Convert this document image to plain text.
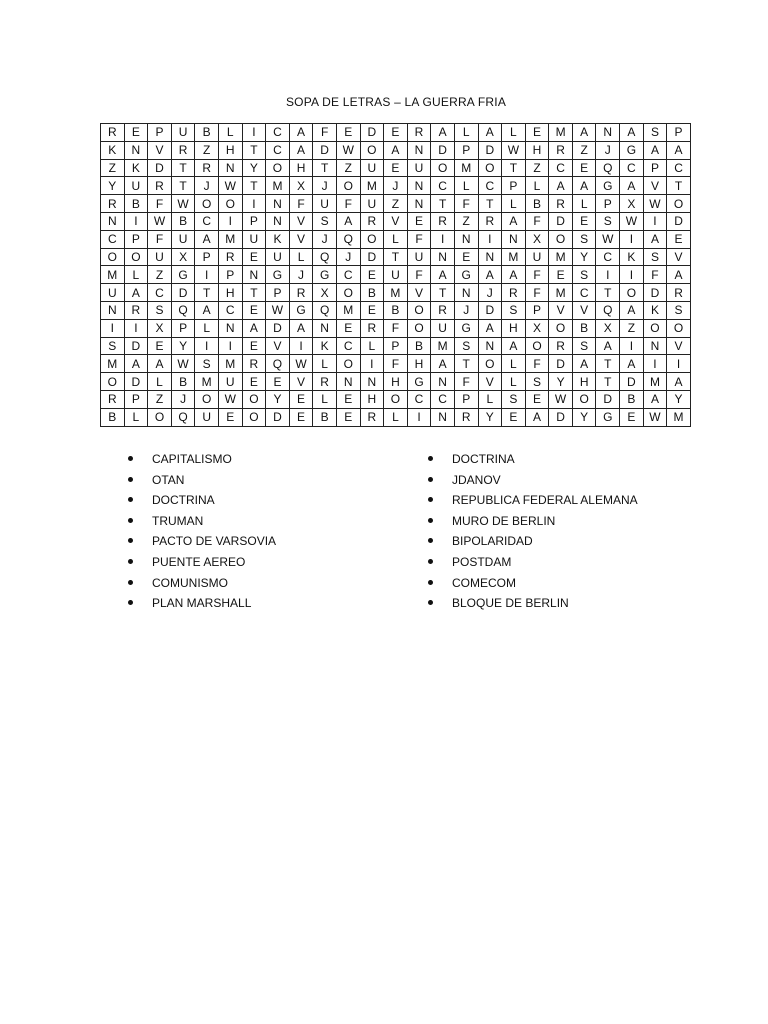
SOPA DE LETRAS – LA GUERRA FRIA
R	E	P	U	B	L	I	C	A	F	E	D	E	R	A	L	A	L	E	M	A	N	A	S	P
K	N	V	R	Z	H	T	C	A	D	W	O	A	N	D	P	D	W	H	R	Z	J	G	A	A
Z	K	D	T	R	N	Y	O	H	T	Z	U	E	U	O	M	O	T	Z	C	E	Q	C	P	C
Y	U	R	T	J	W	T	M	X	J	O	M	J	N	C	L	C	P	L	A	A	G	A	V	T
R	B	F	W	O	O	I	N	F	U	F	U	Z	N	T	F	T	L	B	R	L	P	X	W	O
N	I	W	B	C	I	P	N	V	S	A	R	V	E	R	Z	R	A	F	D	E	S	W	I	D
C	P	F	U	A	M	U	K	V	J	Q	O	L	F	I	N	I	N	X	O	S	W	I	A	E
O	O	U	X	P	R	E	U	L	Q	J	D	T	U	N	E	N	M	U	M	Y	C	K	S	V
M	L	Z	G	I	P	N	G	J	G	C	E	U	F	A	G	A	A	F	E	S	I	I	F	A
U	A	C	D	T	H	T	P	R	X	O	B	M	V	T	N	J	R	F	M	C	T	O	D	R
N	R	S	Q	A	C	E	W	G	Q	M	E	B	O	R	J	D	S	P	V	V	Q	A	K	S
I	I	X	P	L	N	A	D	A	N	E	R	F	O	U	G	A	H	X	O	B	X	Z	O	O
S	D	E	Y	I	I	E	V	I	K	C	L	P	B	M	S	N	A	O	R	S	A	I	N	V
M	A	A	W	S	M	R	Q	W	L	O	I	F	H	A	T	O	L	F	D	A	T	A	I	I
O	D	L	B	M	U	E	E	V	R	N	N	H	G	N	F	V	L	S	Y	H	T	D	M	A
R	P	Z	J	O	W	O	Y	E	L	E	H	O	C	C	P	L	S	E	W	O	D	B	A	Y
B	L	O	Q	U	E	O	D	E	B	E	R	L	I	N	R	Y	E	A	D	Y	G	E	W	M
CAPITALISMO
OTAN
DOCTRINA
TRUMAN
PACTO DE VARSOVIA
PUENTE AEREO
COMUNISMO
PLAN MARSHALL
DOCTRINA
JDANOV
REPUBLICA FEDERAL ALEMANA
MURO DE BERLIN
BIPOLARIDAD
POSTDAM
COMECOM
BLOQUE DE BERLIN
